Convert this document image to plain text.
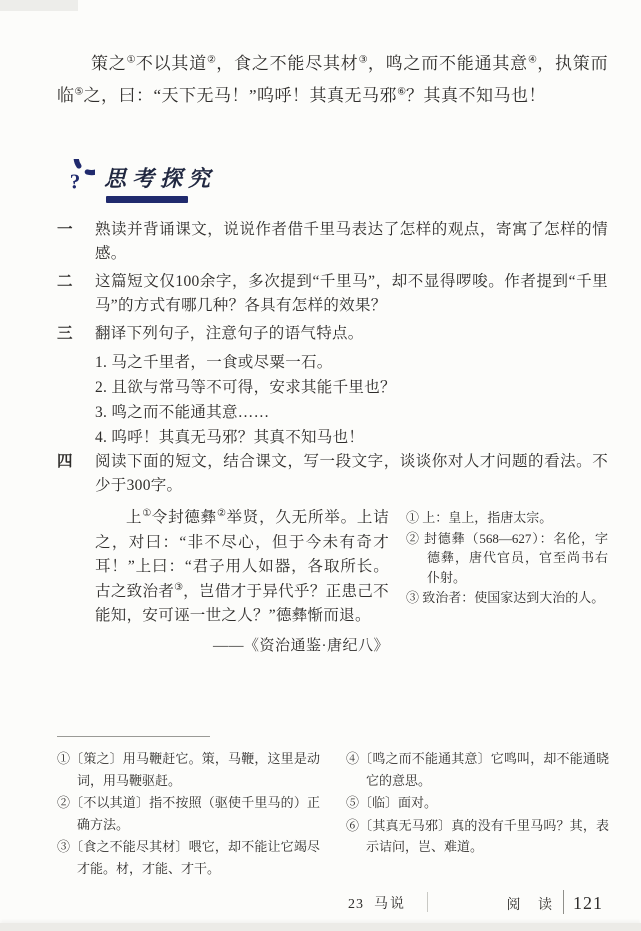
策之①不以其道②，食之不能尽其材③，鸣之而不能通其意④，执策而临⑤之，曰：“天下无马！”呜呼！其真无马邪⑥？其真不知马也！

? 思考探究
一	熟读并背诵课文，说说作者借千里马表达了怎样的观点，寄寓了怎样的情感。
二	这篇短文仅100余字，多次提到“千里马”，却不显得啰唆。作者提到“千里马”的方式有哪几种？各具有怎样的效果？
三	翻译下列句子，注意句子的语气特点。
1. 马之千里者，一食或尽粟一石。
2. 且欲与常马等不可得，安求其能千里也？
3. 鸣之而不能通其意……
4. 呜呼！其真无马邪？其真不知马也！
四	阅读下面的短文，结合课文，写一段文字，谈谈你对人才问题的看法。不少于300字。

上①令封德彝②举贤，久无所举。上诘之，对曰：“非不尽心，但于今未有奇才耳！”上曰：“君子用人如器，各取所长。古之致治者③，岂借才于异代乎？正患己不能知，安可诬一世之人？”德彝惭而退。

——《资治通鉴·唐纪八》

① 上：皇上，指唐太宗。
② 封德彝（568—627）：名伦，字德彝，唐代官员，官至尚书右仆射。
③ 致治者：使国家达到大治的人。
①〔策之〕用马鞭赶它。策，马鞭，这里是动词，用马鞭驱赶。
②〔不以其道〕指不按照（驱使千里马的）正确方法。
③〔食之不能尽其材〕喂它，却不能让它竭尽才能。材，才能、才干。
④〔鸣之而不能通其意〕它鸣叫，却不能通晓它的意思。
⑤〔临〕面对。
⑥〔其真无马邪〕真的没有千里马吗？其，表示诘问，岂、难道。
23 马说	阅 读 121
